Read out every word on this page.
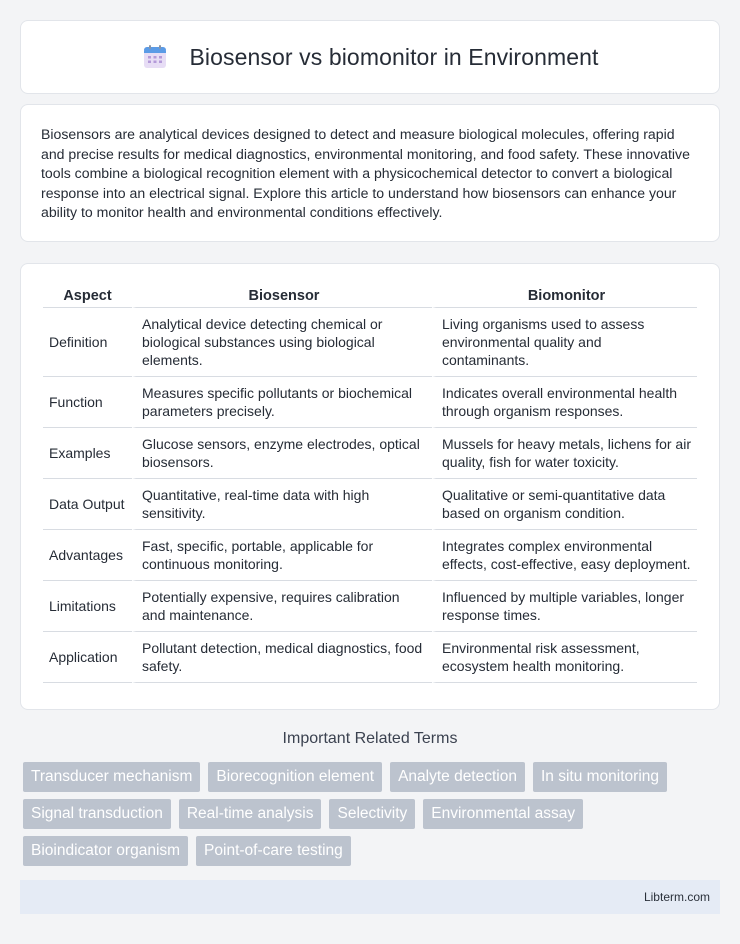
Biosensor vs biomonitor in Environment

Biosensors are analytical devices designed to detect and measure biological molecules, offering rapid and precise results for medical diagnostics, environmental monitoring, and food safety. These innovative tools combine a biological recognition element with a physicochemical detector to convert a biological response into an electrical signal. Explore this article to understand how biosensors can enhance your ability to monitor health and environmental conditions effectively.

Aspect	Biosensor	Biomonitor
Definition	Analytical device detecting chemical or biological substances using biological elements.	Living organisms used to assess environmental quality and contaminants.
Function	Measures specific pollutants or biochemical parameters precisely.	Indicates overall environmental health through organism responses.
Examples	Glucose sensors, enzyme electrodes, optical biosensors.	Mussels for heavy metals, lichens for air quality, fish for water toxicity.
Data Output	Quantitative, real-time data with high sensitivity.	Qualitative or semi-quantitative data based on organism condition.
Advantages	Fast, specific, portable, applicable for continuous monitoring.	Integrates complex environmental effects, cost-effective, easy deployment.
Limitations	Potentially expensive, requires calibration and maintenance.	Influenced by multiple variables, longer response times.
Application	Pollutant detection, medical diagnostics, food safety.	Environmental risk assessment, ecosystem health monitoring.
Important Related Terms
Transducer mechanism	Biorecognition element	Analyte detection	In situ monitoring
Signal transduction	Real-time analysis	Selectivity	Environmental assay
Bioindicator organism	Point-of-care testing
Libterm.com
